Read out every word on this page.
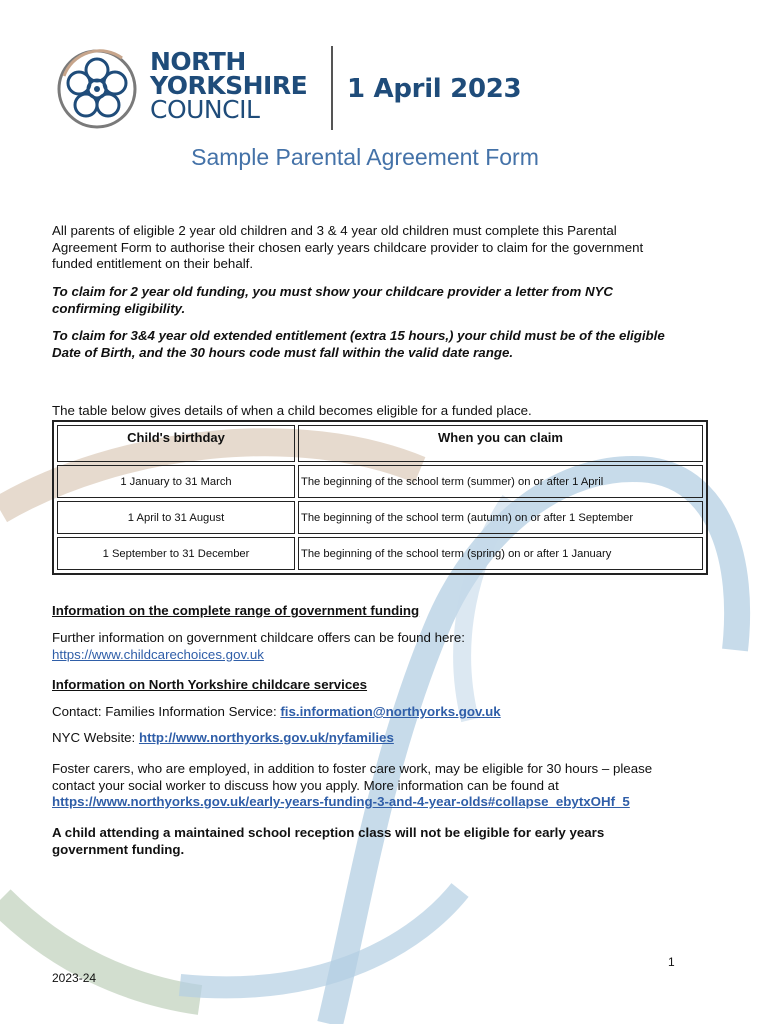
NORTH
YORKSHIRE
COUNCIL
1 April 2023
Sample Parental Agreement Form

All parents of eligible 2 year old children and 3 & 4 year old children must complete this Parental Agreement Form to authorise their chosen early years childcare provider to claim for the government funded entitlement on their behalf.

To claim for 2 year old funding, you must show your childcare provider a letter from NYC confirming eligibility.

To claim for 3&4 year old extended entitlement (extra 15 hours,) your child must be of the eligible Date of Birth, and the 30 hours code must fall within the valid date range.

The table below gives details of when a child becomes eligible for a funded place.

Child's birthday	When you can claim
1 January to 31 March	The beginning of the school term (summer) on or after 1 April
1 April to 31 August	The beginning of the school term (autumn) on or after 1 September
1 September to 31 December	The beginning of the school term (spring) on or after 1 January

Information on the complete range of government funding

Further information on government childcare offers can be found here:
https://www.childcarechoices.gov.uk

Information on North Yorkshire childcare services

Contact: Families Information Service: fis.information@northyorks.gov.uk

NYC Website: http://www.northyorks.gov.uk/nyfamilies

Foster carers, who are employed, in addition to foster care work, may be eligible for 30 hours – please contact your social worker to discuss how you apply. More information can be found at
https://www.northyorks.gov.uk/early-years-funding-3-and-4-year-olds#collapse_ebytxOHf_5

A child attending a maintained school reception class will not be eligible for early years government funding.

1
2023-24
